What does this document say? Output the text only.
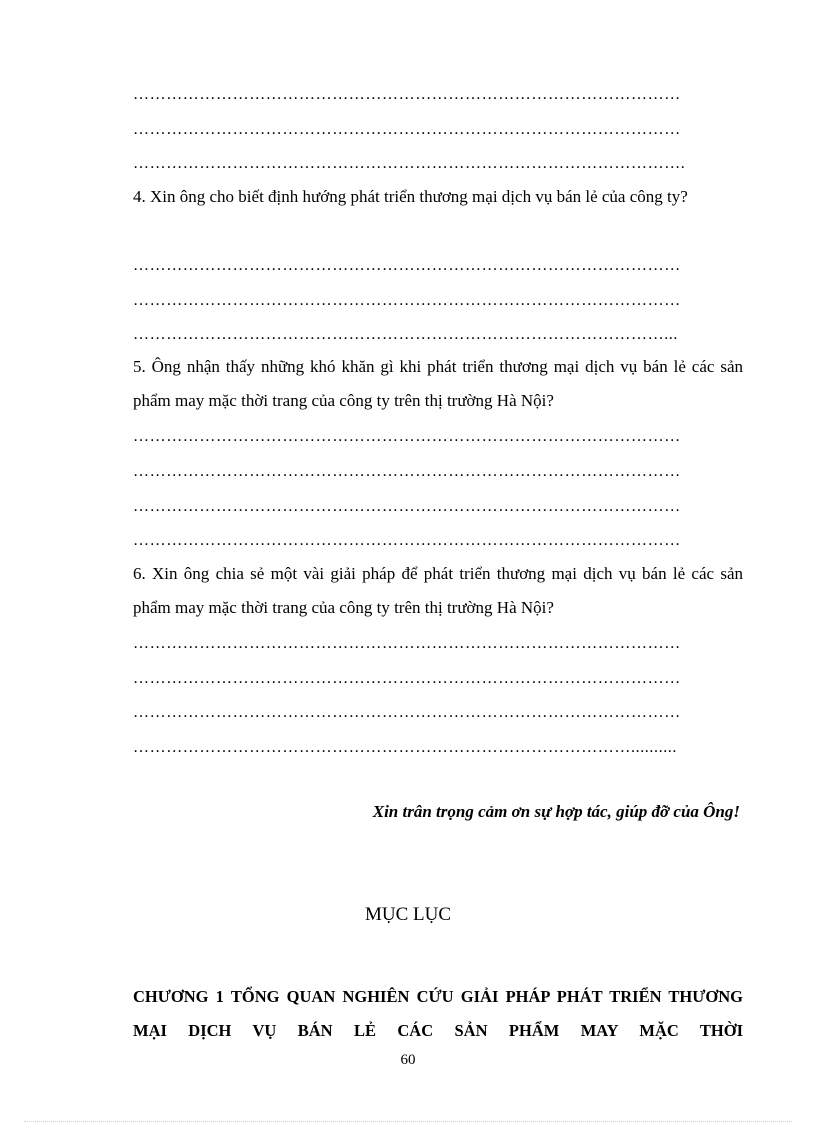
………………………………………………………………………………………
………………………………………………………………………………………
……………………………………………………………………………………….
4. Xin ông cho biết định hướng phát triển thương mại dịch vụ bán lẻ của công ty?
………………………………………………………………………………………
………………………………………………………………………………………
……………………………………………………………………………………...
5. Ông nhận thấy những khó khăn gì khi phát triển thương mại dịch vụ bán lẻ các sản phẩm may mặc thời trang của công ty trên thị trường Hà Nội?
………………………………………………………………………………………
………………………………………………………………………………………
………………………………………………………………………………………
………………………………………………………………………………………
6. Xin ông chia sẻ một vài giải pháp để phát triển thương mại dịch vụ bán lẻ các sản phẩm may mặc thời trang của công ty trên thị trường Hà Nội?
………………………………………………………………………………………
………………………………………………………………………………………
………………………………………………………………………………………
………………………………………………………………………………..........
Xin trân trọng cảm ơn sự hợp tác, giúp đỡ của Ông!
MỤC LỤC
CHƯƠNG 1 TỔNG QUAN NGHIÊN CỨU GIẢI PHÁP PHÁT TRIỂN THƯƠNG MẠI DỊCH VỤ BÁN LẺ CÁC SẢN PHẨM MAY MẶC THỜI
60
